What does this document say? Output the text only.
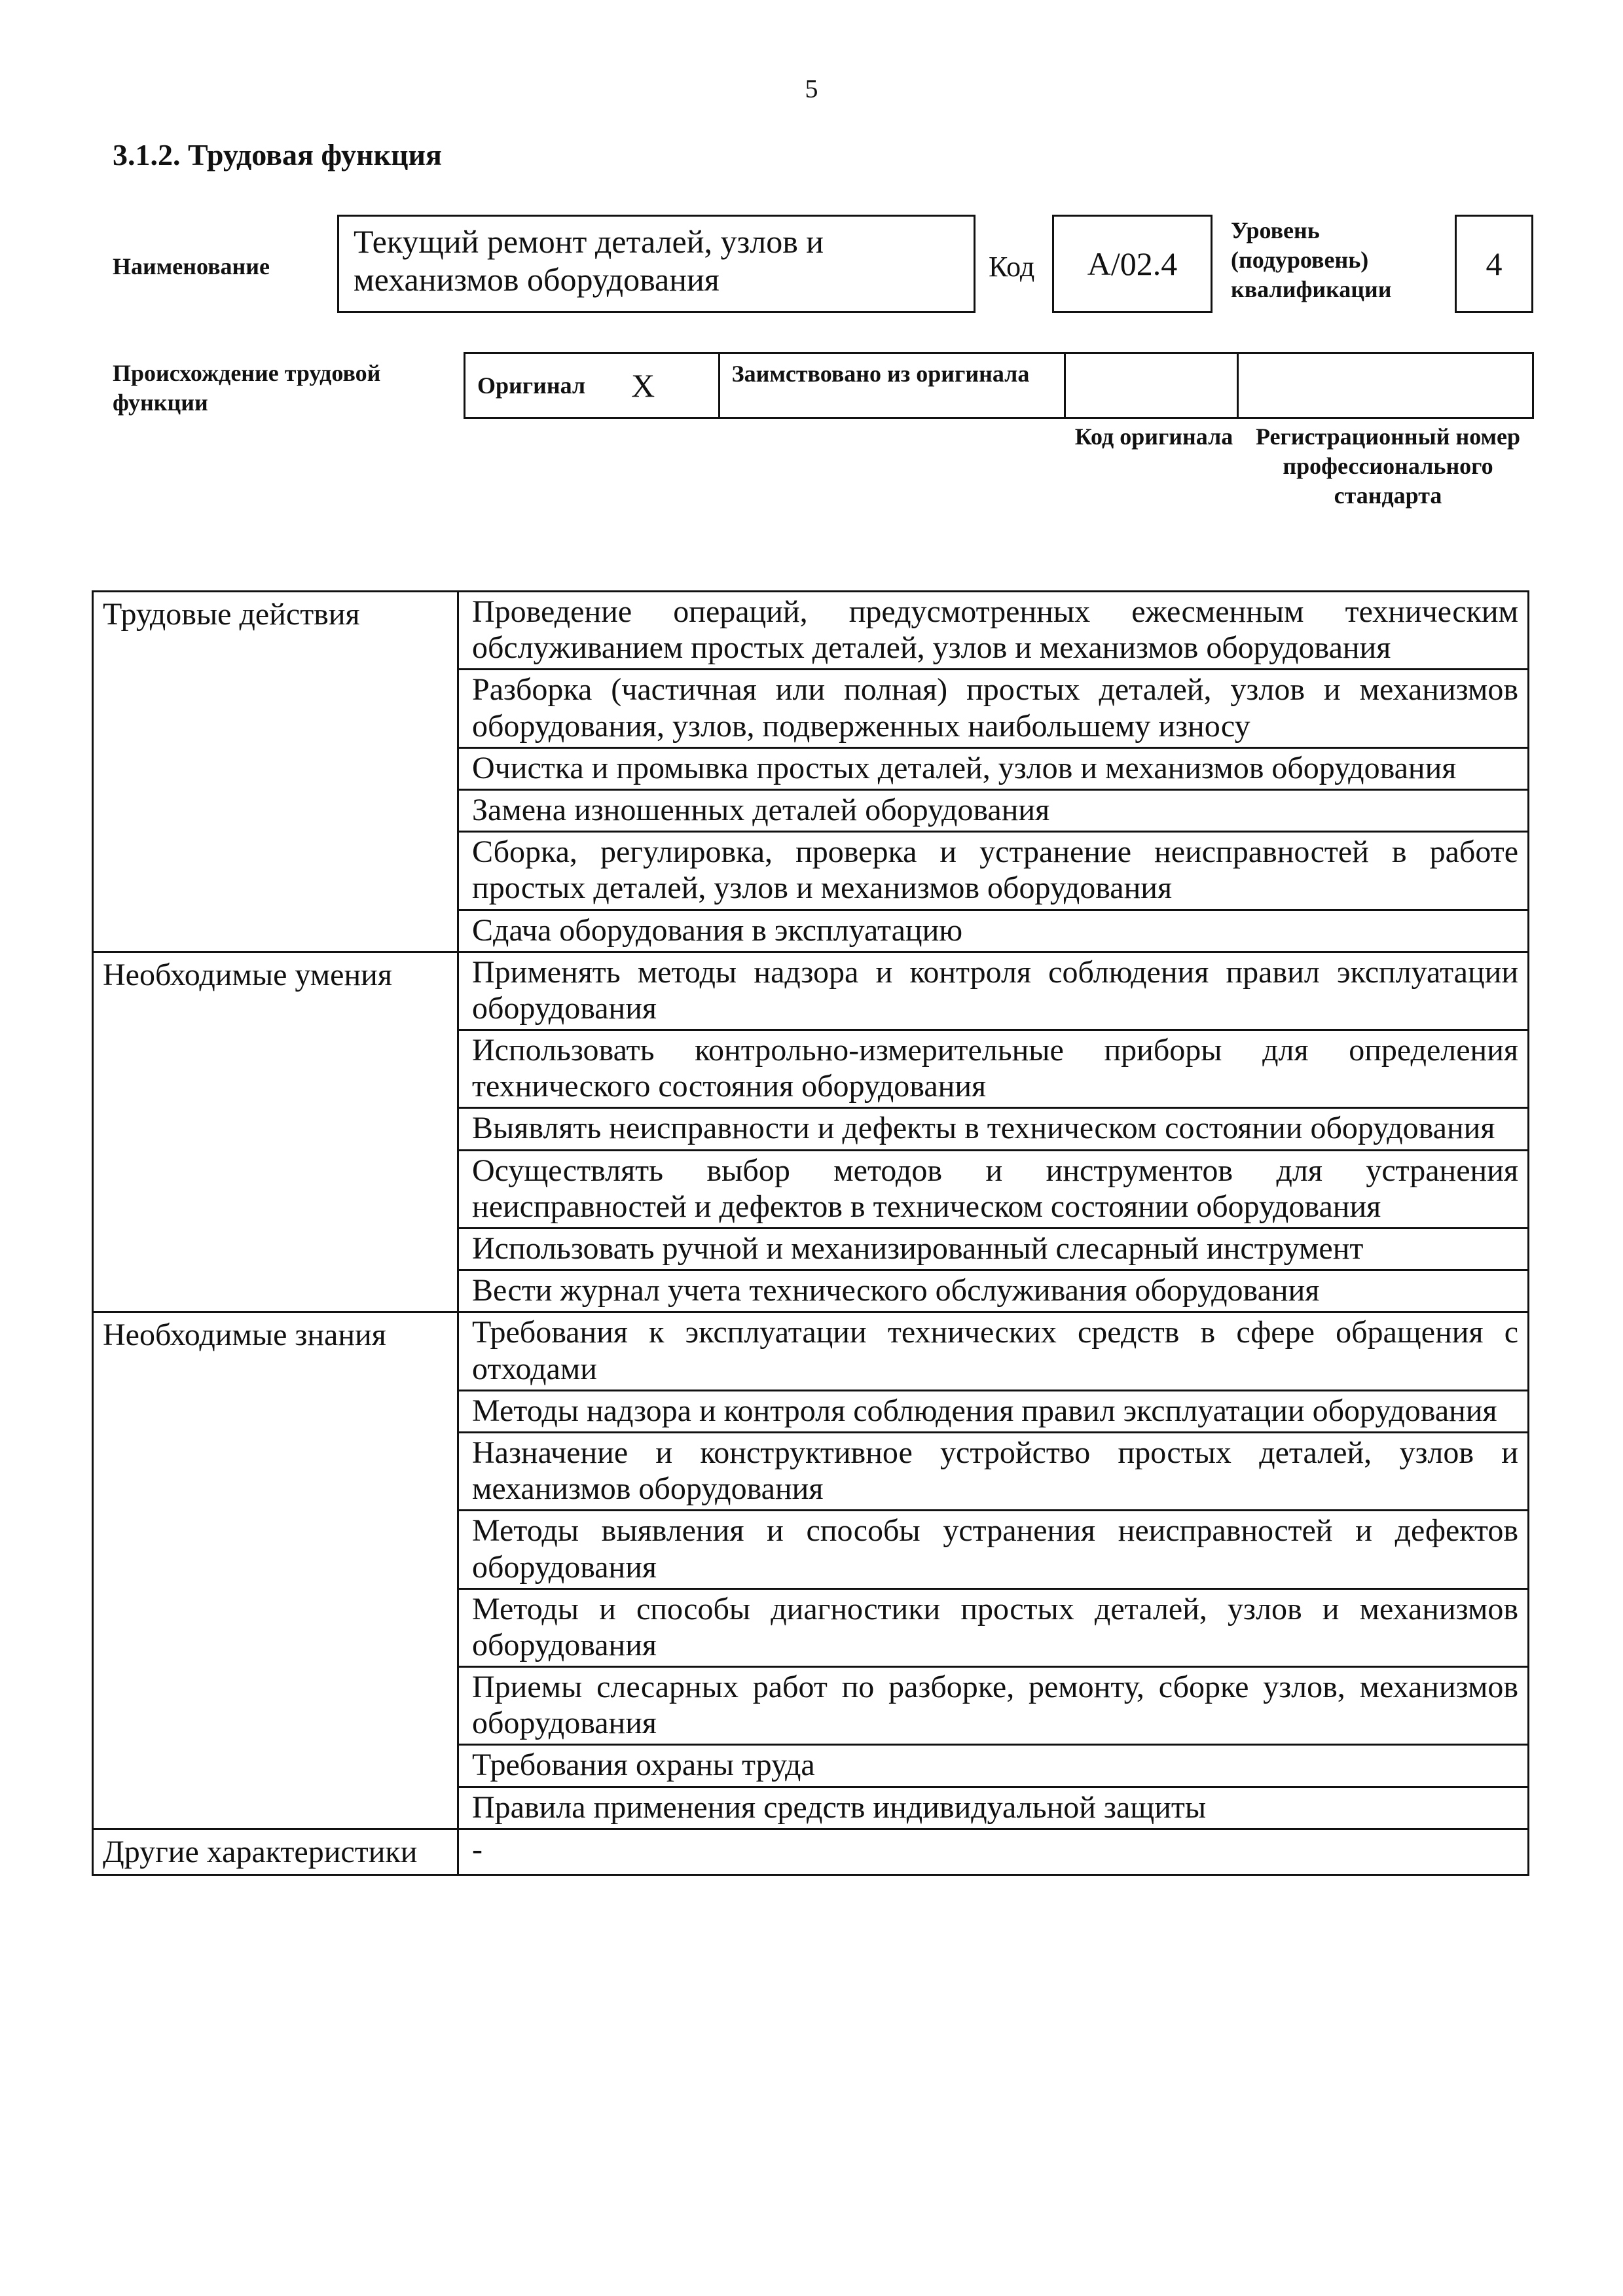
5
3.1.2. Трудовая функция
Наименование
Текущий ремонт деталей, узлов и механизмов оборудования	Код A/02.4
Уровень (подуровень) квалификации
4
Происхождение трудовой функции
Оригинал X	Заимствовано из оригинала
Код оригинала Регистрационный номер профессионального стандарта
Трудовые действия	Проведение операций, предусмотренных ежесменным техническим обслуживанием простых деталей, узлов и механизмов оборудования
	Разборка (частичная или полная) простых деталей, узлов и механизмов оборудования, узлов, подверженных наибольшему износу
	Очистка и промывка простых деталей, узлов и механизмов оборудования
	Замена изношенных деталей оборудования
	Сборка, регулировка, проверка и устранение неисправностей в работе простых деталей, узлов и механизмов оборудования
	Сдача оборудования в эксплуатацию
Необходимые умения	Применять методы надзора и контроля соблюдения правил эксплуатации оборудования
	Использовать контрольно-измерительные приборы для определения технического состояния оборудования
	Выявлять неисправности и дефекты в техническом состоянии оборудования
	Осуществлять выбор методов и инструментов для устранения неисправностей и дефектов в техническом состоянии оборудования
	Использовать ручной и механизированный слесарный инструмент
	Вести журнал учета технического обслуживания оборудования
Необходимые знания	Требования к эксплуатации технических средств в сфере обращения с отходами
	Методы надзора и контроля соблюдения правил эксплуатации оборудования
	Назначение и конструктивное устройство простых деталей, узлов и механизмов оборудования
	Методы выявления и способы устранения неисправностей и дефектов оборудования
	Методы и способы диагностики простых деталей, узлов и механизмов оборудования
	Приемы слесарных работ по разборке, ремонту, сборке узлов, механизмов оборудования
	Требования охраны труда
	Правила применения средств индивидуальной защиты
Другие характеристики	-
